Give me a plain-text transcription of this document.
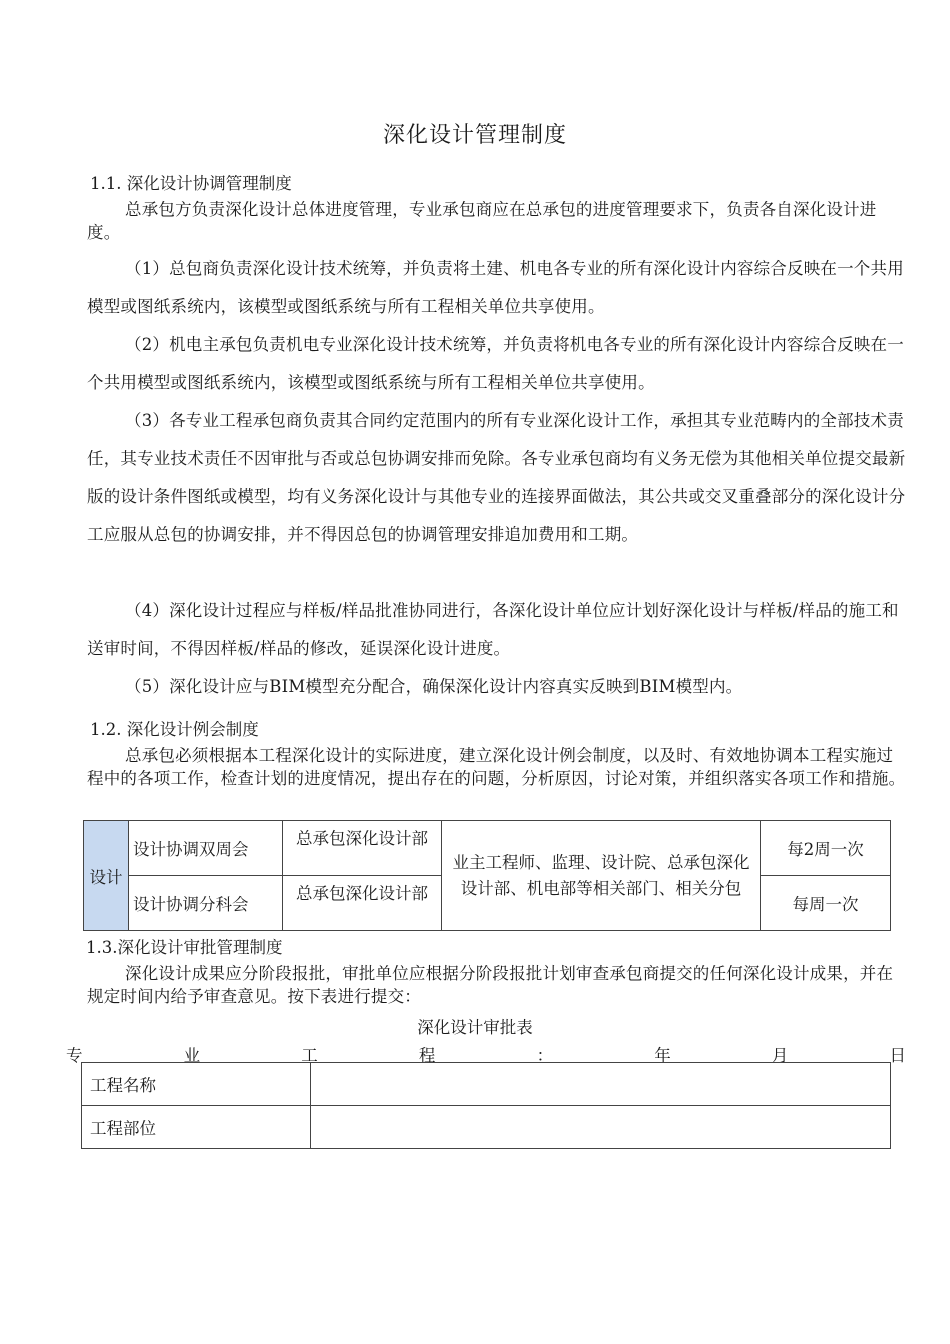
深化设计管理制度
1.1. 深化设计协调管理制度
总承包方负责深化设计总体进度管理，专业承包商应在总承包的进度管理要求下，负责各自深化设计进度。
（1）总包商负责深化设计技术统筹，并负责将土建、机电各专业的所有深化设计内容综合反映在一个共用模型或图纸系统内，该模型或图纸系统与所有工程相关单位共享使用。
（2）机电主承包负责机电专业深化设计技术统筹，并负责将机电各专业的所有深化设计内容综合反映在一个共用模型或图纸系统内，该模型或图纸系统与所有工程相关单位共享使用。
（3）各专业工程承包商负责其合同约定范围内的所有专业深化设计工作，承担其专业范畴内的全部技术责任，其专业技术责任不因审批与否或总包协调安排而免除。各专业承包商均有义务无偿为其他相关单位提交最新版的设计条件图纸或模型，均有义务深化设计与其他专业的连接界面做法，其公共或交叉重叠部分的深化设计分工应服从总包的协调安排，并不得因总包的协调管理安排追加费用和工期。
（4）深化设计过程应与样板/样品批准协同进行，各深化设计单位应计划好深化设计与样板/样品的施工和送审时间，不得因样板/样品的修改，延误深化设计进度。
（5）深化设计应与BIM模型充分配合，确保深化设计内容真实反映到BIM模型内。
1.2. 深化设计例会制度
总承包必须根据本工程深化设计的实际进度，建立深化设计例会制度，以及时、有效地协调本工程实施过程中的各项工作，检查计划的进度情况，提出存在的问题，分析原因，讨论对策，并组织落实各项工作和措施。
设计	设计协调双周会	总承包深化设计部	业主工程师、监理、设计院、总承包深化设计部、机电部等相关部门、相关分包	每2周一次
	设计协调分科会	总承包深化设计部		每周一次
1.3.深化设计审批管理制度
深化设计成果应分阶段报批，审批单位应根据分阶段报批计划审查承包商提交的任何深化设计成果，并在规定时间内给予审查意见。按下表进行提交：
深化设计审批表
专	业	工	程	：	年	月	日
工程名称	
工程部位	
